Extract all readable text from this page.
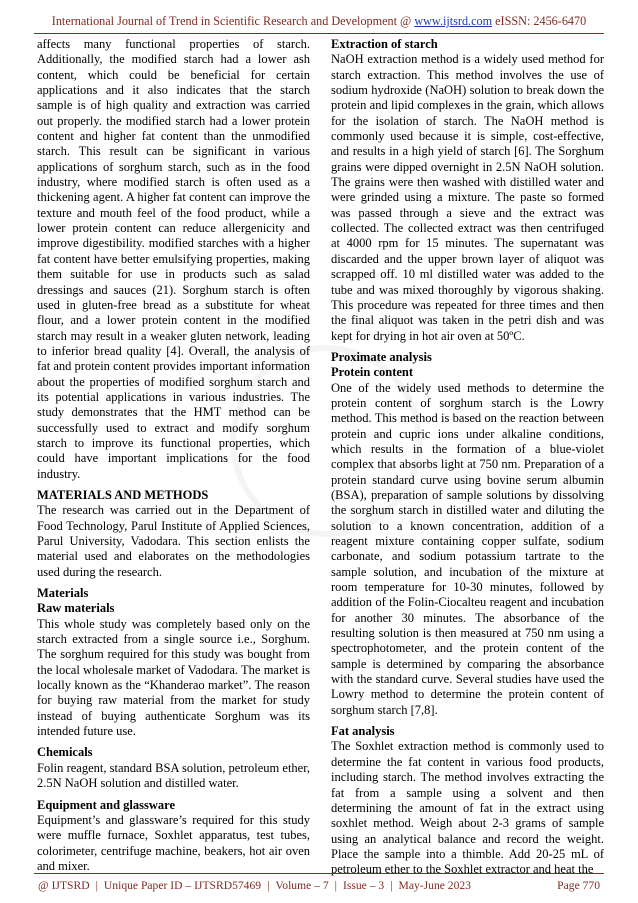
International Journal of Trend in Scientific Research and Development @ www.ijtsrd.com eISSN: 2456-6470

affects many functional properties of starch. Additionally, the modified starch had a lower ash content, which could be beneficial for certain applications and it also indicates that the starch sample is of high quality and extraction was carried out properly. the modified starch had a lower protein content and higher fat content than the unmodified starch. This result can be significant in various applications of sorghum starch, such as in the food industry, where modified starch is often used as a thickening agent. A higher fat content can improve the texture and mouth feel of the food product, while a lower protein content can reduce allergenicity and improve digestibility. modified starches with a higher fat content have better emulsifying properties, making them suitable for use in products such as salad dressings and sauces (21). Sorghum starch is often used in gluten-free bread as a substitute for wheat flour, and a lower protein content in the modified starch may result in a weaker gluten network, leading to inferior bread quality [4]. Overall, the analysis of fat and protein content provides important information about the properties of modified sorghum starch and its potential applications in various industries. The study demonstrates that the HMT method can be successfully used to extract and modify sorghum starch to improve its functional properties, which could have important implications for the food industry.

MATERIALS AND METHODS

The research was carried out in the Department of Food Technology, Parul Institute of Applied Sciences, Parul University, Vadodara. This section enlists the material used and elaborates on the methodologies used during the research.

Materials
Raw materials

This whole study was completely based only on the starch extracted from a single source i.e., Sorghum. The sorghum required for this study was bought from the local wholesale market of Vadodara. The market is locally known as the “Khanderao market”. The reason for buying raw material from the market for study instead of buying authenticate Sorghum was its intended future use.

Chemicals

Folin reagent, standard BSA solution, petroleum ether, 2.5N NaOH solution and distilled water.

Equipment and glassware

Equipment’s and glassware’s required for this study were muffle furnace, Soxhlet apparatus, test tubes, colorimeter, centrifuge machine, beakers, hot air oven and mixer.

Extraction of starch

NaOH extraction method is a widely used method for starch extraction. This method involves the use of sodium hydroxide (NaOH) solution to break down the protein and lipid complexes in the grain, which allows for the isolation of starch. The NaOH method is commonly used because it is simple, cost-effective, and results in a high yield of starch [6]. The Sorghum grains were dipped overnight in 2.5N NaOH solution. The grains were then washed with distilled water and were grinded using a mixture. The paste so formed was passed through a sieve and the extract was collected. The collected extract was then centrifuged at 4000 rpm for 15 minutes. The supernatant was discarded and the upper brown layer of aliquot was scrapped off. 10 ml distilled water was added to the tube and was mixed thoroughly by vigorous shaking. This procedure was repeated for three times and then the final aliquot was taken in the petri dish and was kept for drying in hot air oven at 50ºC.

Proximate analysis
Protein content

One of the widely used methods to determine the protein content of sorghum starch is the Lowry method. This method is based on the reaction between protein and cupric ions under alkaline conditions, which results in the formation of a blue-violet complex that absorbs light at 750 nm. Preparation of a protein standard curve using bovine serum albumin (BSA), preparation of sample solutions by dissolving the sorghum starch in distilled water and diluting the solution to a known concentration, addition of a reagent mixture containing copper sulfate, sodium carbonate, and sodium potassium tartrate to the sample solution, and incubation of the mixture at room temperature for 10-30 minutes, followed by addition of the Folin-Ciocalteu reagent and incubation for another 30 minutes. The absorbance of the resulting solution is then measured at 750 nm using a spectrophotometer, and the protein content of the sample is determined by comparing the absorbance with the standard curve. Several studies have used the Lowry method to determine the protein content of sorghum starch [7,8].

Fat analysis

The Soxhlet extraction method is commonly used to determine the fat content in various food products, including starch. The method involves extracting the fat from a sample using a solvent and then determining the amount of fat in the extract using soxhlet method. Weigh about 2-3 grams of sample using an analytical balance and record the weight. Place the sample into a thimble. Add 20-25 mL of petroleum ether to the Soxhlet extractor and heat the

@ IJTSRD | Unique Paper ID – IJTSRD57469 | Volume – 7 | Issue – 3 | May-June 2023	Page 770
